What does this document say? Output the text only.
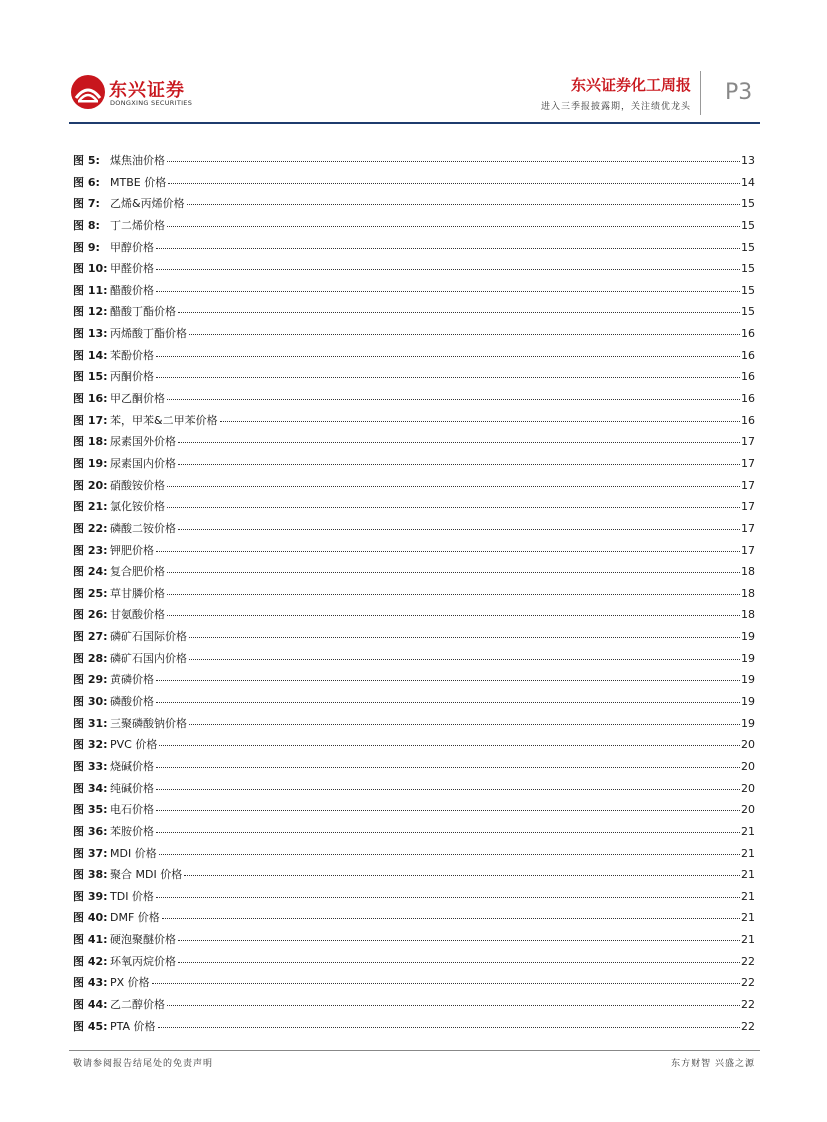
东兴证券
DONGXING SECURITIES
东兴证券化工周报
进入三季报披露期，关注绩优龙头
P3
图 5: 煤焦油价格	13
图 6: MTBE 价格	14
图 7: 乙烯&丙烯价格	15
图 8: 丁二烯价格	15
图 9: 甲醇价格	15
图 10: 甲醛价格	15
图 11: 醋酸价格	15
图 12: 醋酸丁酯价格	15
图 13: 丙烯酸丁酯价格	16
图 14: 苯酚价格	16
图 15: 丙酮价格	16
图 16: 甲乙酮价格	16
图 17: 苯，甲苯&二甲苯价格	16
图 18: 尿素国外价格	17
图 19: 尿素国内价格	17
图 20: 硝酸铵价格	17
图 21: 氯化铵价格	17
图 22: 磷酸二铵价格	17
图 23: 钾肥价格	17
图 24: 复合肥价格	18
图 25: 草甘膦价格	18
图 26: 甘氨酸价格	18
图 27: 磷矿石国际价格	19
图 28: 磷矿石国内价格	19
图 29: 黄磷价格	19
图 30: 磷酸价格	19
图 31: 三聚磷酸钠价格	19
图 32: PVC 价格	20
图 33: 烧碱价格	20
图 34: 纯碱价格	20
图 35: 电石价格	20
图 36: 苯胺价格	21
图 37: MDI 价格	21
图 38: 聚合 MDI 价格	21
图 39: TDI 价格	21
图 40: DMF 价格	21
图 41: 硬泡聚醚价格	21
图 42: 环氧丙烷价格	22
图 43: PX 价格	22
图 44: 乙二醇价格	22
图 45: PTA 价格	22
敬请参阅报告结尾处的免责声明	东方财智 兴盛之源
